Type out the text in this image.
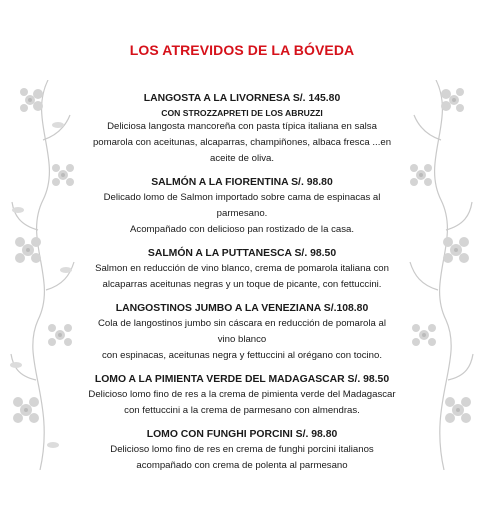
LOS ATREVIDOS DE LA BÓVEDA
LANGOSTA A LA LIVORNESA S/. 145.80
CON STROZZAPRETI DE LOS ABRUZZI
Deliciosa langosta mancoreña con pasta típica italiana en salsa
pomarola con aceitunas, alcaparras, champiñones, albaca fresca ...en
aceite de oliva.
SALMÓN A LA FIORENTINA S/. 98.80
Delicado lomo de Salmon importado sobre cama de espinacas al
parmesano.
Acompañado con delicioso pan rostizado de la casa.
SALMÓN A LA PUTTANESCA S/. 98.50
Salmon en reducción de vino blanco, crema de pomarola italiana con
alcaparras aceitunas negras y un toque de picante, con fettuccini.
LANGOSTINOS JUMBO A LA VENEZIANA S/.108.80
Cola de langostinos jumbo sin cáscara en reducción de pomarola al
vino blanco
con espinacas, aceitunas negra y fettuccini al orégano con tocino.
LOMO A LA PIMIENTA VERDE DEL MADAGASCAR S/. 98.50
Delicioso lomo fino de res a la crema de pimienta verde del Madagascar
con fettuccini a la crema de parmesano con almendras.
LOMO CON FUNGHI PORCINI S/. 98.80
Delicioso lomo fino de res en crema de funghi porcini italianos
acompañado con crema de polenta al parmesano
